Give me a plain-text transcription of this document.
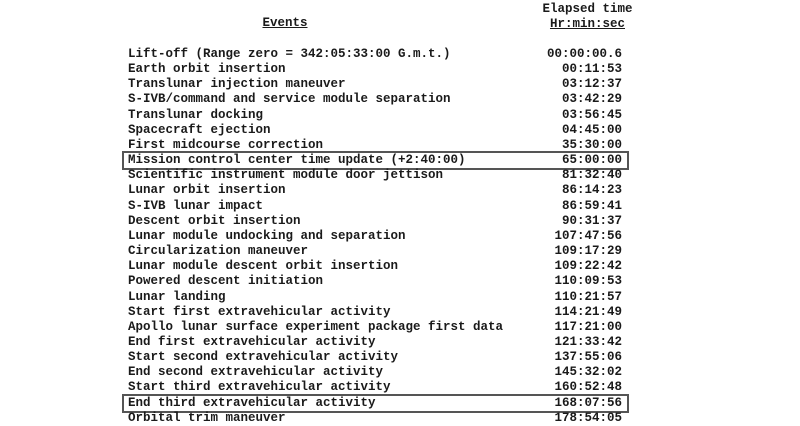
Events
Elapsed time
Hr:min:sec
Lift-off (Range zero = 342:05:33:00 G.m.t.)	00:00:00.6
Earth orbit insertion	00:11:53
Translunar injection maneuver	03:12:37
S-IVB/command and service module separation	03:42:29
Translunar docking	03:56:45
Spacecraft ejection	04:45:00
First midcourse correction	35:30:00
Mission control center time update (+2:40:00)	65:00:00
Scientific instrument module door jettison	81:32:40
Lunar orbit insertion	86:14:23
S-IVB lunar impact	86:59:41
Descent orbit insertion	90:31:37
Lunar module undocking and separation	107:47:56
Circularization maneuver	109:17:29
Lunar module descent orbit insertion	109:22:42
Powered descent initiation	110:09:53
Lunar landing	110:21:57
Start first extravehicular activity	114:21:49
Apollo lunar surface experiment package first data	117:21:00
End first extravehicular activity	121:33:42
Start second extravehicular activity	137:55:06
End second extravehicular activity	145:32:02
Start third extravehicular activity	160:52:48
End third extravehicular activity	168:07:56
Orbital trim maneuver	178:54:05
